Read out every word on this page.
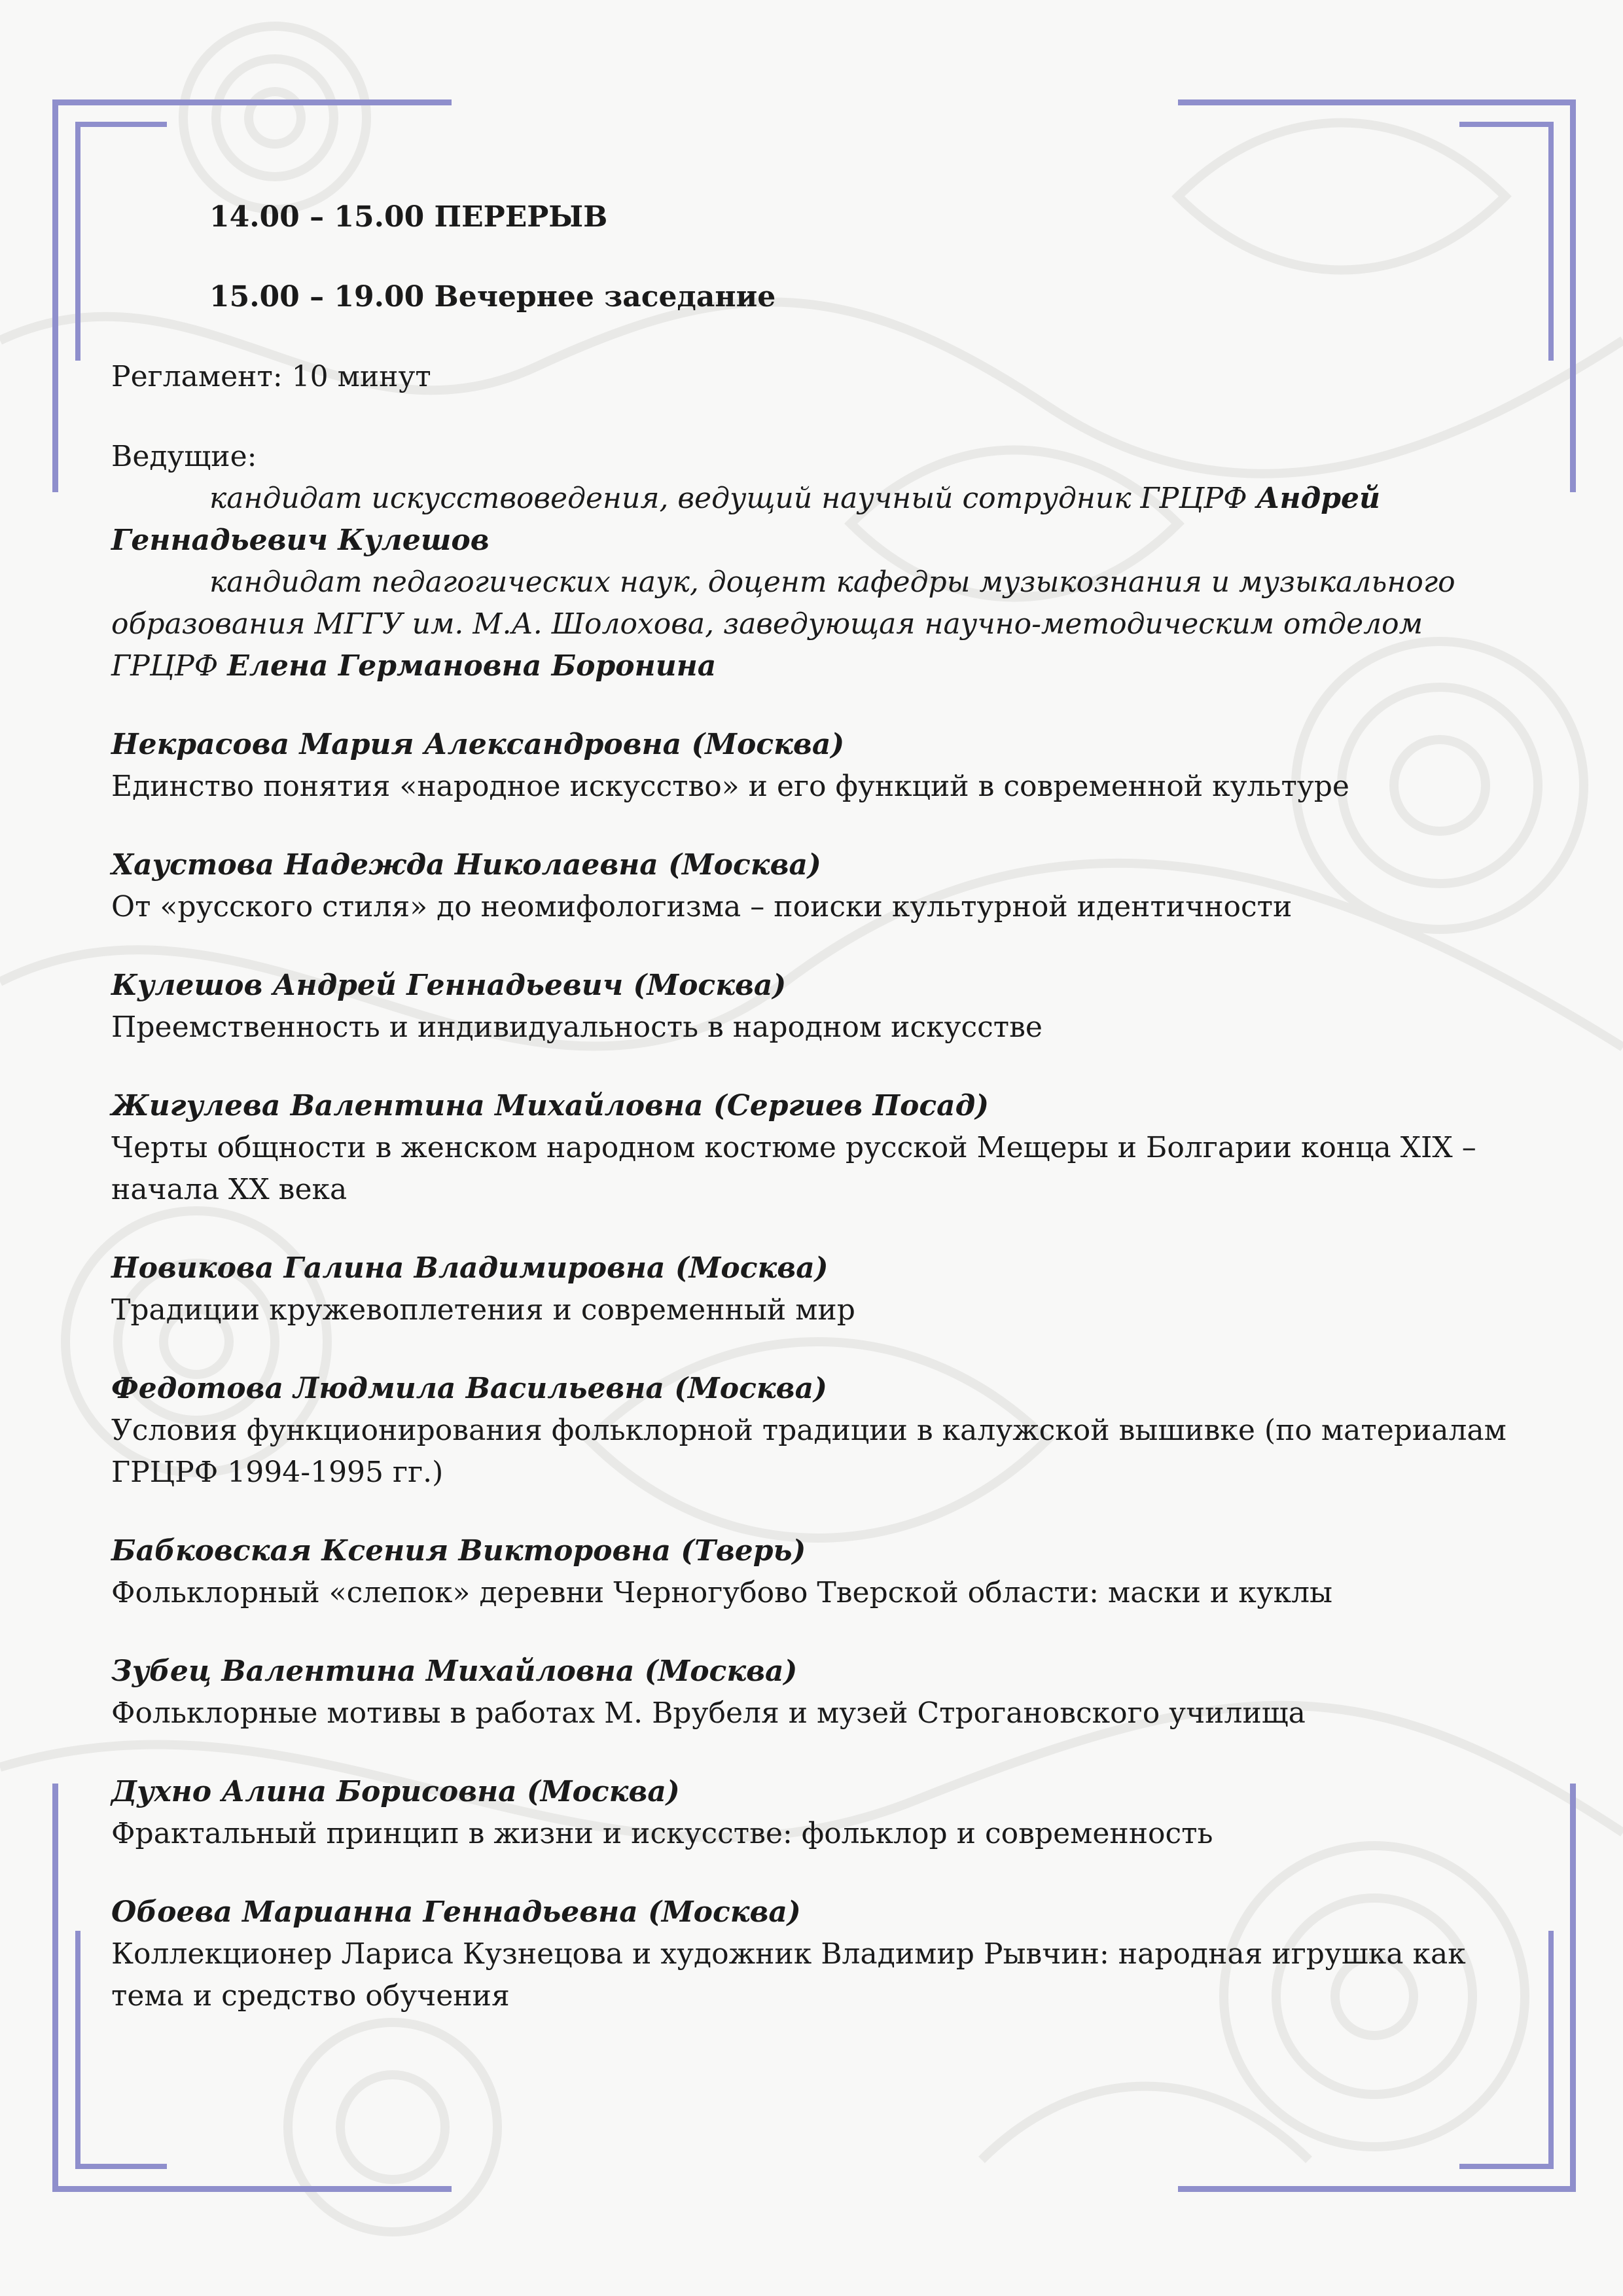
14.00 – 15.00 ПЕРЕРЫВ

15.00 – 19.00 Вечернее заседание

Регламент: 10 минут

Ведущие:

кандидат искусствоведения, ведущий научный сотрудник ГРЦРФ Андрей Геннадьевич Кулешов

кандидат педагогических наук, доцент кафедры музыкознания и музыкального образования МГГУ им. М.А. Шолохова, заведующая научно-методическим отделом ГРЦРФ Елена Германовна Боронина

Некрасова Мария Александровна (Москва)

Единство понятия «народное искусство» и его функций в современной культуре

Хаустова Надежда Николаевна (Москва)

От «русского стиля» до неомифологизма – поиски культурной идентичности

Кулешов Андрей Геннадьевич (Москва)

Преемственность и индивидуальность в народном искусстве

Жигулева Валентина Михайловна (Сергиев Посад)

Черты общности в женском народном костюме русской Мещеры и Болгарии конца XIX – начала XX века

Новикова Галина Владимировна (Москва)

Традиции кружевоплетения и современный мир

Федотова Людмила Васильевна (Москва)

Условия функционирования фольклорной традиции в калужской вышивке (по материалам ГРЦРФ 1994-1995 гг.)

Бабковская Ксения Викторовна (Тверь)

Фольклорный «слепок» деревни Черногубово Тверской области: маски и куклы

Зубец Валентина Михайловна (Москва)

Фольклорные мотивы в работах М. Врубеля и музей Строгановского училища

Духно Алина Борисовна (Москва)

Фрактальный принцип в жизни и искусстве: фольклор и современность

Обоева Марианна Геннадьевна (Москва)

Коллекционер Лариса Кузнецова и художник Владимир Рывчин: народная игрушка как тема и средство обучения
